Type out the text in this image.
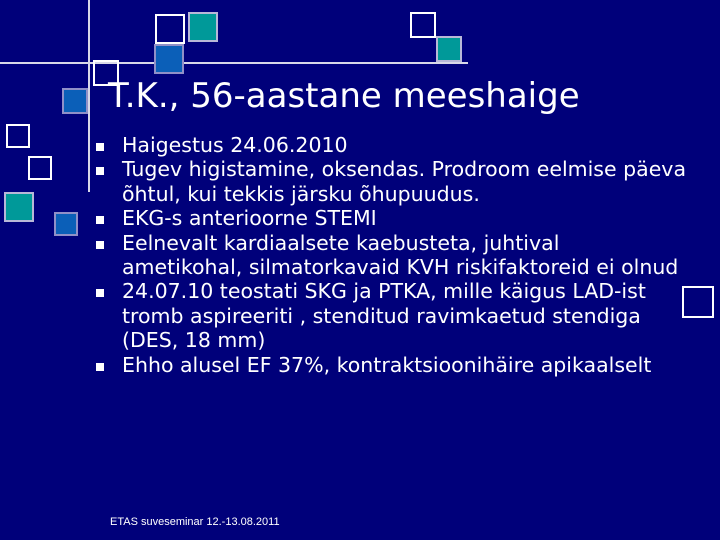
T.K., 56-aastane meeshaige
Haigestus 24.06.2010
Tugev higistamine, oksendas. Prodroom eelmise päeva õhtul, kui tekkis järsku õhupuudus.
EKG-s anterioorne STEMI
Eelnevalt kardiaalsete kaebusteta, juhtival ametikohal, silmatorkavaid KVH riskifaktoreid ei olnud
24.07.10 teostati SKG ja PTKA, mille käigus LAD-ist tromb aspireeriti , stenditud ravimkaetud stendiga (DES, 18 mm)
Ehho alusel EF 37%, kontraktsioonihäire apikaalselt
ETAS suveseminar 12.-13.08.2011
